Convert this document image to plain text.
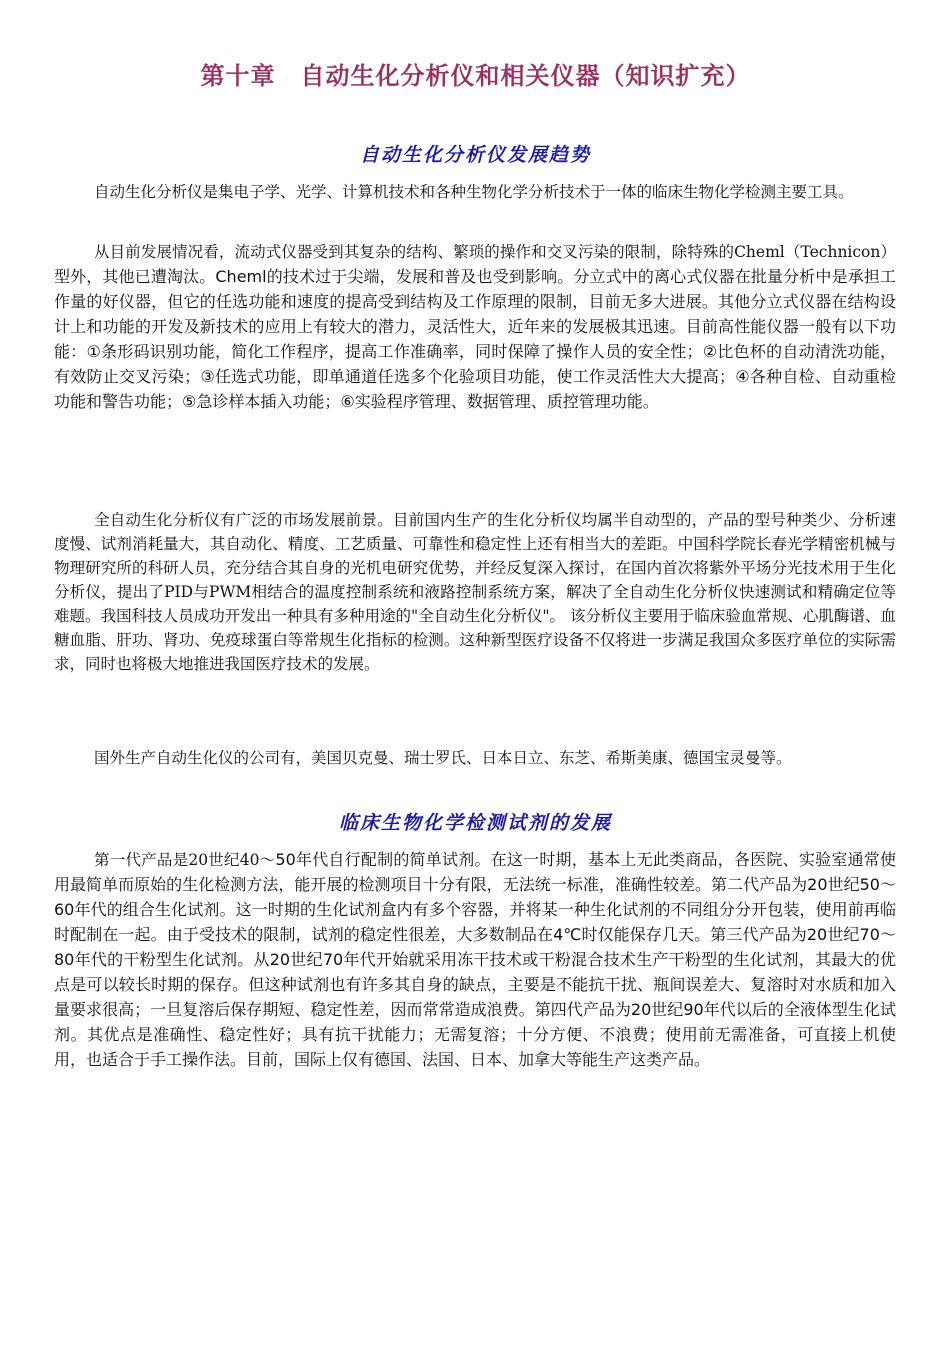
第十章　自动生化分析仪和相关仪器（知识扩充）
自动生化分析仪发展趋势

自动生化分析仪是集电子学、光学、计算机技术和各种生物化学分析技术于一体的临床生物化学检测主要工具。

从目前发展情况看，流动式仪器受到其复杂的结构、繁琐的操作和交叉污染的限制，除特殊的Cheml（Technicon）型外，其他已遭淘汰。Cheml的技术过于尖端，发展和普及也受到影响。分立式中的离心式仪器在批量分析中是承担工作量的好仪器，但它的任选功能和速度的提高受到结构及工作原理的限制，目前无多大进展。其他分立式仪器在结构设计上和功能的开发及新技术的应用上有较大的潜力，灵活性大，近年来的发展极其迅速。目前高性能仪器一般有以下功能：①条形码识别功能，简化工作程序，提高工作准确率，同时保障了操作人员的安全性；②比色杯的自动清洗功能，有效防止交叉污染；③任选式功能，即单通道任选多个化验项目功能，使工作灵活性大大提高；④各种自检、自动重检功能和警告功能；⑤急诊样本插入功能；⑥实验程序管理、数据管理、质控管理功能。

全自动生化分析仪有广泛的市场发展前景。目前国内生产的生化分析仪均属半自动型的，产品的型号种类少、分析速度慢、试剂消耗量大，其自动化、精度、工艺质量、可靠性和稳定性上还有相当大的差距。中国科学院长春光学精密机械与物理研究所的科研人员，充分结合其自身的光机电研究优势，并经反复深入探讨，在国内首次将紫外平场分光技术用于生化分析仪，提出了PID与PWM相结合的温度控制系统和液路控制系统方案，解决了全自动生化分析仪快速测试和精确定位等难题。我国科技人员成功开发出一种具有多种用途的"全自动生化分析仪"。 该分析仪主要用于临床验血常规、心肌酶谱、血糖血脂、肝功、肾功、免疫球蛋白等常规生化指标的检测。这种新型医疗设备不仅将进一步满足我国众多医疗单位的实际需求，同时也将极大地推进我国医疗技术的发展。

国外生产自动生化仪的公司有，美国贝克曼、瑞士罗氏、日本日立、东芝、希斯美康、德国宝灵曼等。

临床生物化学检测试剂的发展

第一代产品是20世纪40～50年代自行配制的简单试剂。在这一时期，基本上无此类商品，各医院、实验室通常使用最简单而原始的生化检测方法，能开展的检测项目十分有限，无法统一标准，准确性较差。第二代产品为20世纪50～60年代的组合生化试剂。这一时期的生化试剂盒内有多个容器，并将某一种生化试剂的不同组分分开包装，使用前再临时配制在一起。由于受技术的限制，试剂的稳定性很差，大多数制品在4℃时仅能保存几天。第三代产品为20世纪70～80年代的干粉型生化试剂。从20世纪70年代开始就采用冻干技术或干粉混合技术生产干粉型的生化试剂，其最大的优点是可以较长时期的保存。但这种试剂也有许多其自身的缺点，主要是不能抗干扰、瓶间误差大、复溶时对水质和加入量要求很高；一旦复溶后保存期短、稳定性差，因而常常造成浪费。第四代产品为20世纪90年代以后的全液体型生化试剂。其优点是准确性、稳定性好；具有抗干扰能力；无需复溶；十分方便、不浪费；使用前无需准备，可直接上机使用，也适合于手工操作法。目前，国际上仅有德国、法国、日本、加拿大等能生产这类产品。
